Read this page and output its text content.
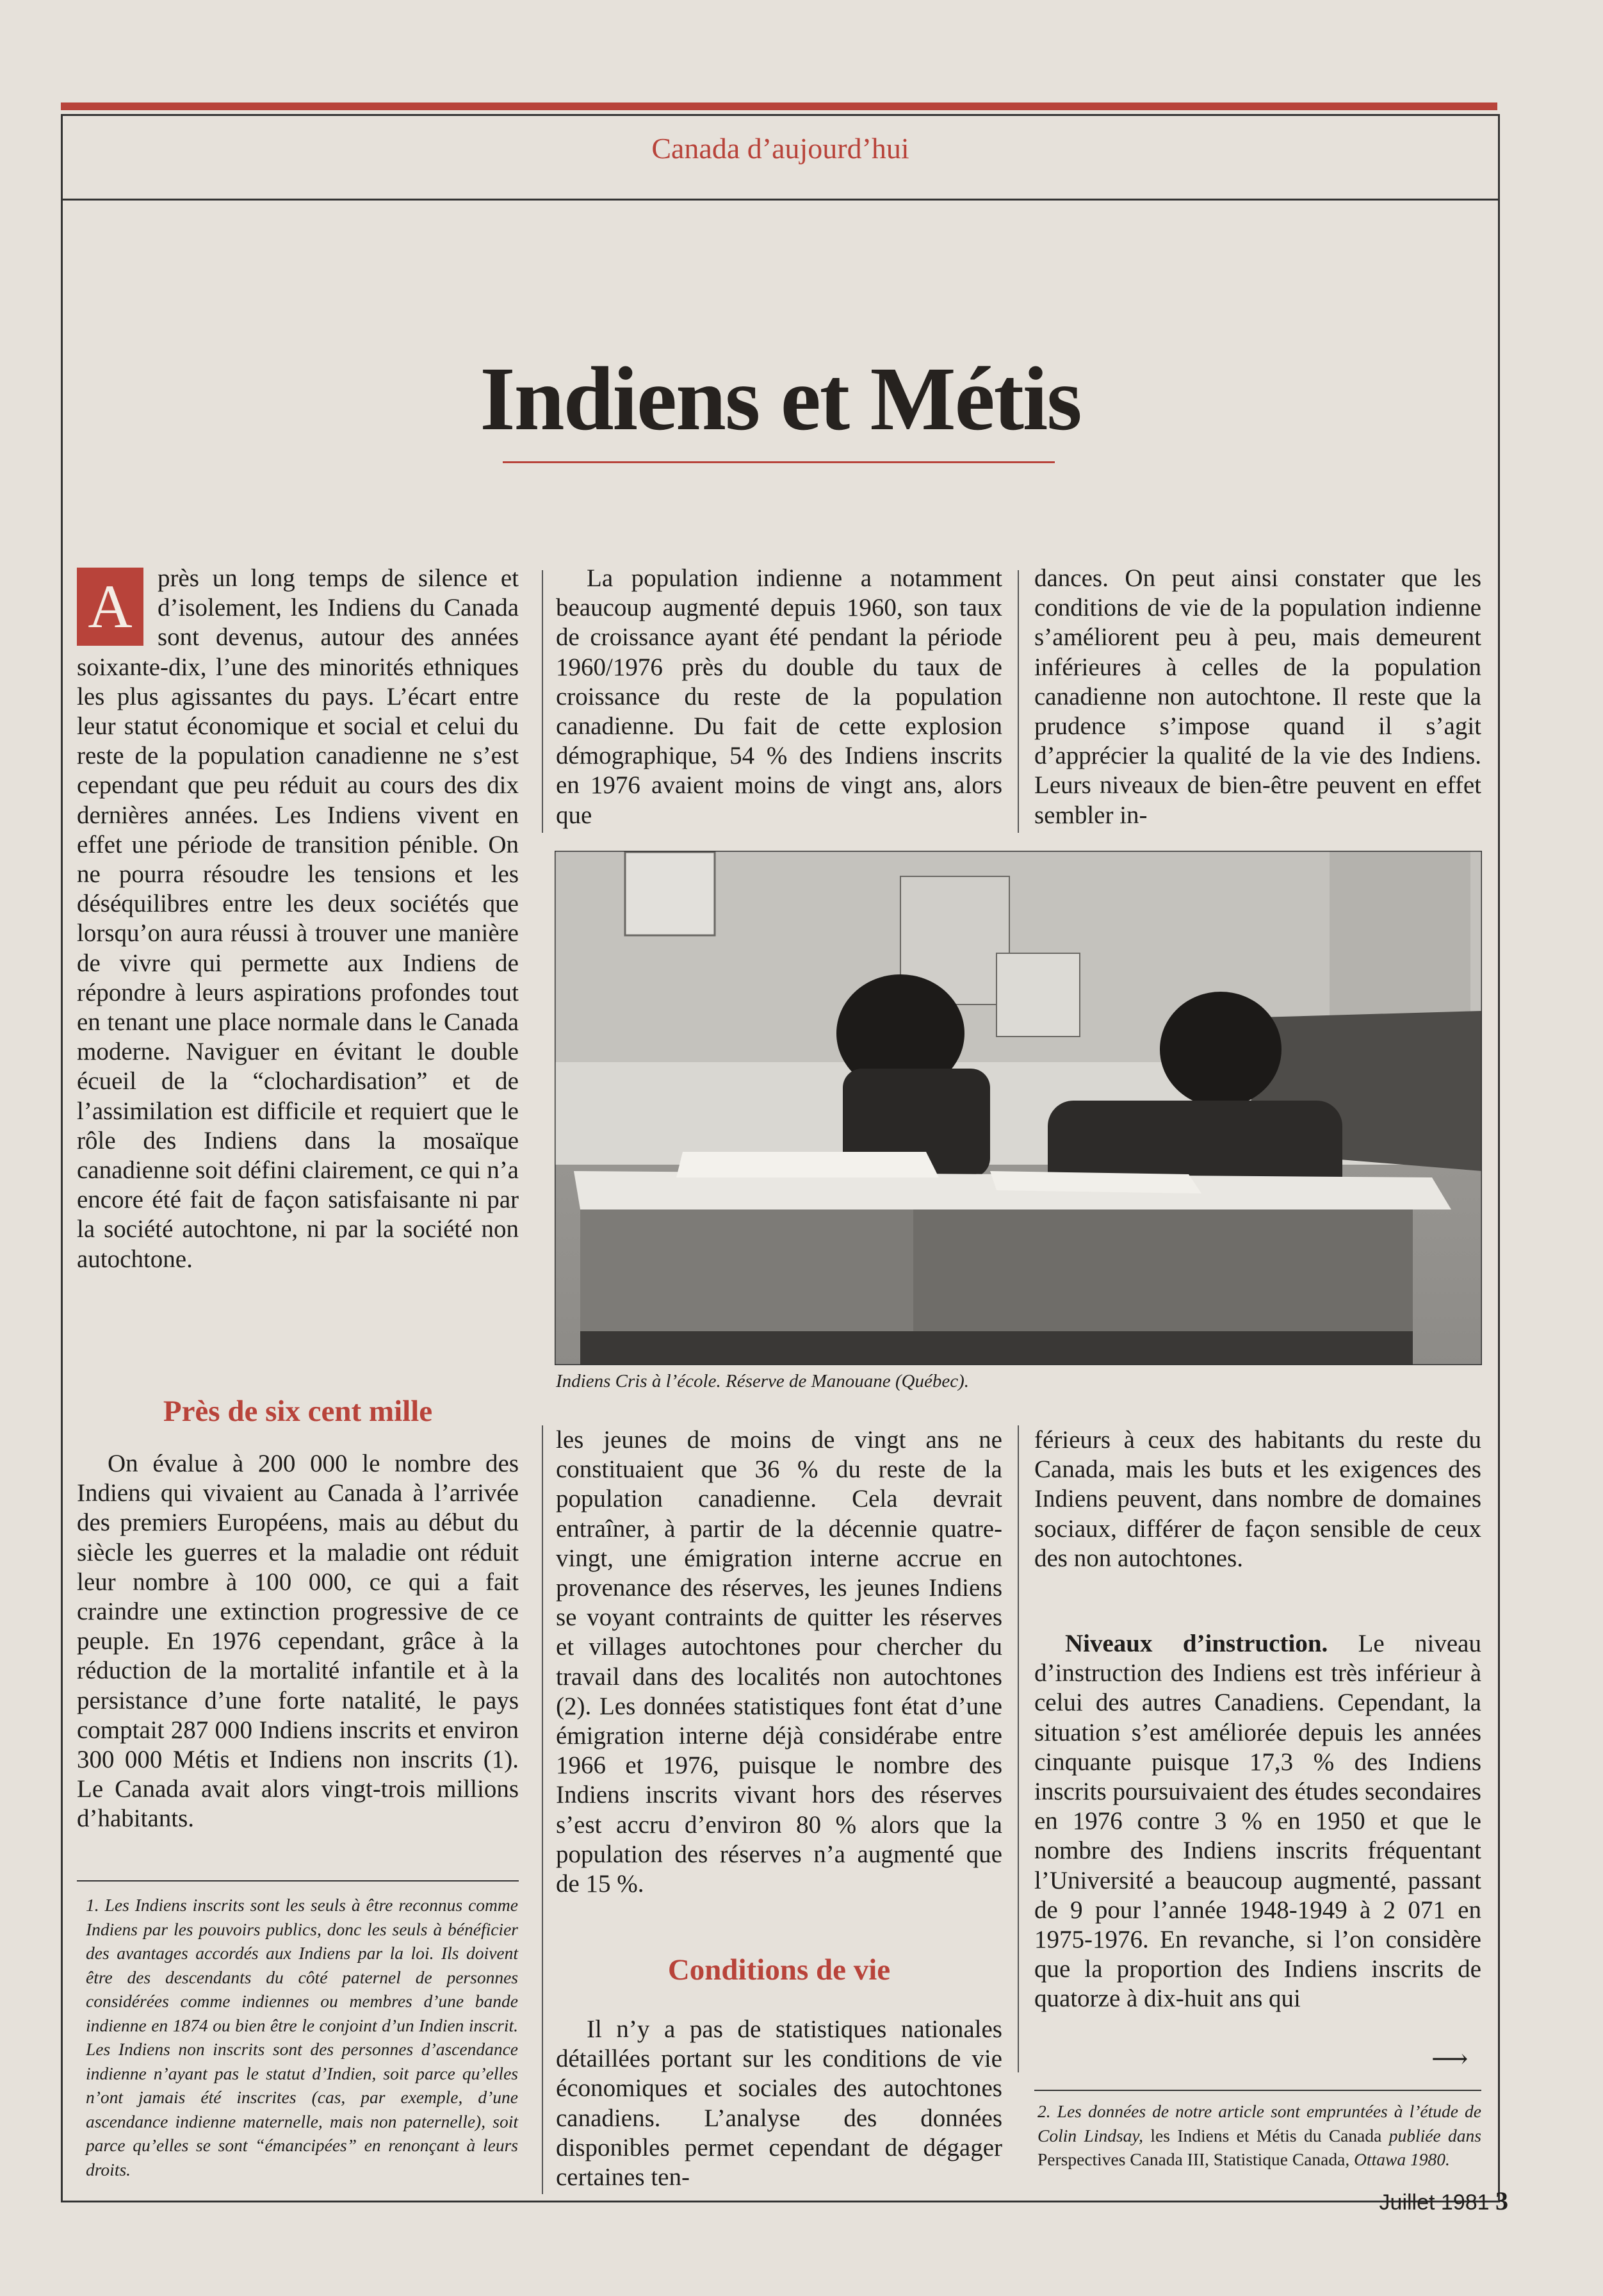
Canada d’aujourd’hui
Indiens et Métis

A	près un long temps de silence et d’isolement, les Indiens du Canada sont devenus, autour des années soixante-dix, l’une des minorités ethniques les plus agissantes du pays. L’écart entre leur statut économique et social et celui du reste de la population canadienne ne s’est cependant que peu réduit au cours des dix dernières années. Les Indiens vivent en effet une période de transition pénible. On ne pourra résoudre les tensions et les déséquilibres entre les deux sociétés que lorsqu’on aura réussi à trouver une manière de vivre qui permette aux Indiens de répondre à leurs aspirations profondes tout en tenant une place normale dans le Canada moderne. Naviguer en évitant le double écueil de la “clochardisation” et de l’assimilation est difficile et requiert que le rôle des Indiens dans la mosaïque canadienne soit défini clairement, ce qui n’a encore été fait de façon satisfaisante ni par la société autochtone, ni par la société non autochtone.

Près de six cent mille

On évalue à 200 000 le nombre des Indiens qui vivaient au Canada à l’arrivée des premiers Européens, mais au début du siècle les guerres et la maladie ont réduit leur nombre à 100 000, ce qui a fait craindre une extinction progressive de ce peuple. En 1976 cependant, grâce à la réduction de la mortalité infantile et à la persistance d’une forte natalité, le pays comptait 287 000 Indiens inscrits et environ 300 000 Métis et Indiens non inscrits (1). Le Canada avait alors vingt-trois millions d’habitants.

1. Les Indiens inscrits sont les seuls à être reconnus comme Indiens par les pouvoirs publics, donc les seuls à bénéficier des avantages accordés aux Indiens par la loi. Ils doivent être des descendants du côté paternel de personnes considérées comme indiennes ou membres d’une bande indienne en 1874 ou bien être le conjoint d’un Indien inscrit. Les Indiens non inscrits sont des personnes d’ascendance indienne n’ayant pas le statut d’Indien, soit parce qu’elles n’ont jamais été inscrites (cas, par exemple, d’une ascendance indienne maternelle, mais non paternelle), soit parce qu’elles se sont “émancipées” en renonçant à leurs droits.

La population indienne a notamment beaucoup augmenté depuis 1960, son taux de croissance ayant été pendant la période 1960/1976 près du double du taux de croissance du reste de la population canadienne. Du fait de cette explosion démographique, 54 % des Indiens inscrits en 1976 avaient moins de vingt ans, alors que

dances. On peut ainsi constater que les conditions de vie de la population indienne s’améliorent peu à peu, mais demeurent inférieures à celles de la population canadienne non autochtone. Il reste que la prudence s’impose quand il s’agit d’apprécier la qualité de la vie des Indiens. Leurs niveaux de bien-être peuvent en effet sembler in-

Indiens Cris à l’école. Réserve de Manouane (Québec).

les jeunes de moins de vingt ans ne constituaient que 36 % du reste de la population canadienne. Cela devrait entraîner, à partir de la décennie quatre-vingt, une émigration interne accrue en provenance des réserves, les jeunes Indiens se voyant contraints de quitter les réserves et villages autochtones pour chercher du travail dans des localités non autochtones (2). Les données statistiques font état d’une émigration interne déjà considérabe entre 1966 et 1976, puisque le nombre des Indiens inscrits vivant hors des réserves s’est accru d’environ 80 % alors que la population des réserves n’a augmenté que de 15 %.

Conditions de vie

Il n’y a pas de statistiques nationales détaillées portant sur les conditions de vie économiques et sociales des autochtones canadiens. L’analyse des données disponibles permet cependant de dégager certaines ten-

férieurs à ceux des habitants du reste du Canada, mais les buts et les exigences des Indiens peuvent, dans nombre de domaines sociaux, différer de façon sensible de ceux des non autochtones.

Niveaux d’instruction. Le niveau d’instruction des Indiens est très inférieur à celui des autres Canadiens. Cependant, la situation s’est améliorée depuis les années cinquante puisque 17,3 % des Indiens inscrits poursuivaient des études secondaires en 1976 contre 3 % en 1950 et que le nombre des Indiens inscrits fréquentant l’Université a beaucoup augmenté, passant de 9 pour l’année 1948-1949 à 2 071 en 1975-1976. En revanche, si l’on considère que la proportion des Indiens inscrits de quatorze à dix-huit ans qui

⟶

2. Les données de notre article sont empruntées à l’étude de Colin Lindsay, les Indiens et Métis du Canada publiée dans Perspectives Canada III, Statistique Canada, Ottawa 1980.

Juillet 1981 3
